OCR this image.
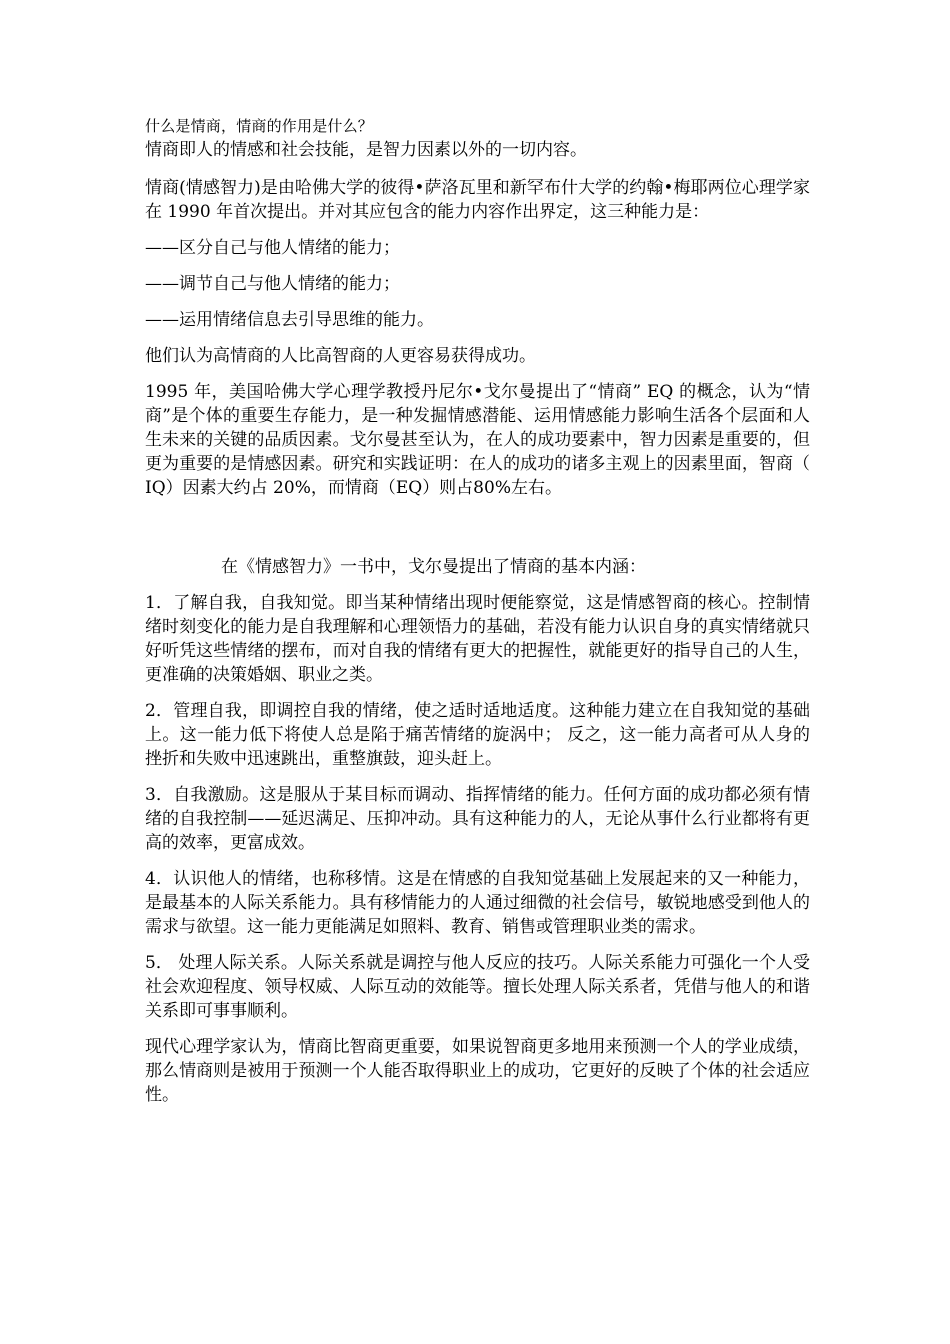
什么是情商，情商的作用是什么？

情商即人的情感和社会技能，是智力因素以外的一切内容。

情商(情感智力)是由哈佛大学的彼得•萨洛瓦里和新罕布什大学的约翰•梅耶两位心理学家在 1990 年首次提出。并对其应包含的能力内容作出界定，这三种能力是：

——区分自己与他人情绪的能力；

——调节自己与他人情绪的能力；

——运用情绪信息去引导思维的能力。

他们认为高情商的人比高智商的人更容易获得成功。

1995 年，美国哈佛大学心理学教授丹尼尔•戈尔曼提出了“情商” EQ 的概念，认为“情商”是个体的重要生存能力，是一种发掘情感潜能、运用情感能力影响生活各个层面和人生未来的关键的品质因素。戈尔曼甚至认为，在人的成功要素中，智力因素是重要的，但更为重要的是情感因素。研究和实践证明：在人的成功的诸多主观上的因素里面，智商（ IQ）因素大约占 20%，而情商（EQ）则占80%左右。

在《情感智力》一书中，戈尔曼提出了情商的基本内涵：

1．了解自我，自我知觉。即当某种情绪出现时便能察觉，这是情感智商的核心。控制情绪时刻变化的能力是自我理解和心理领悟力的基础，若没有能力认识自身的真实情绪就只好听凭这些情绪的摆布，而对自我的情绪有更大的把握性，就能更好的指导自己的人生，更准确的决策婚姻、职业之类。

2．管理自我，即调控自我的情绪，使之适时适地适度。这种能力建立在自我知觉的基础上。这一能力低下将使人总是陷于痛苦情绪的旋涡中； 反之，这一能力高者可从人身的挫折和失败中迅速跳出，重整旗鼓，迎头赶上。

3．自我激励。这是服从于某目标而调动、指挥情绪的能力。任何方面的成功都必须有情绪的自我控制——延迟满足、压抑冲动。具有这种能力的人，无论从事什么行业都将有更高的效率，更富成效。

4．认识他人的情绪，也称移情。这是在情感的自我知觉基础上发展起来的又一种能力，是最基本的人际关系能力。具有移情能力的人通过细微的社会信号，敏锐地感受到他人的需求与欲望。这一能力更能满足如照料、教育、销售或管理职业类的需求。

5． 处理人际关系。人际关系就是调控与他人反应的技巧。人际关系能力可强化一个人受社会欢迎程度、领导权威、人际互动的效能等。擅长处理人际关系者，凭借与他人的和谐关系即可事事顺利。

现代心理学家认为，情商比智商更重要，如果说智商更多地用来预测一个人的学业成绩，那么情商则是被用于预测一个人能否取得职业上的成功，它更好的反映了个体的社会适应性。
